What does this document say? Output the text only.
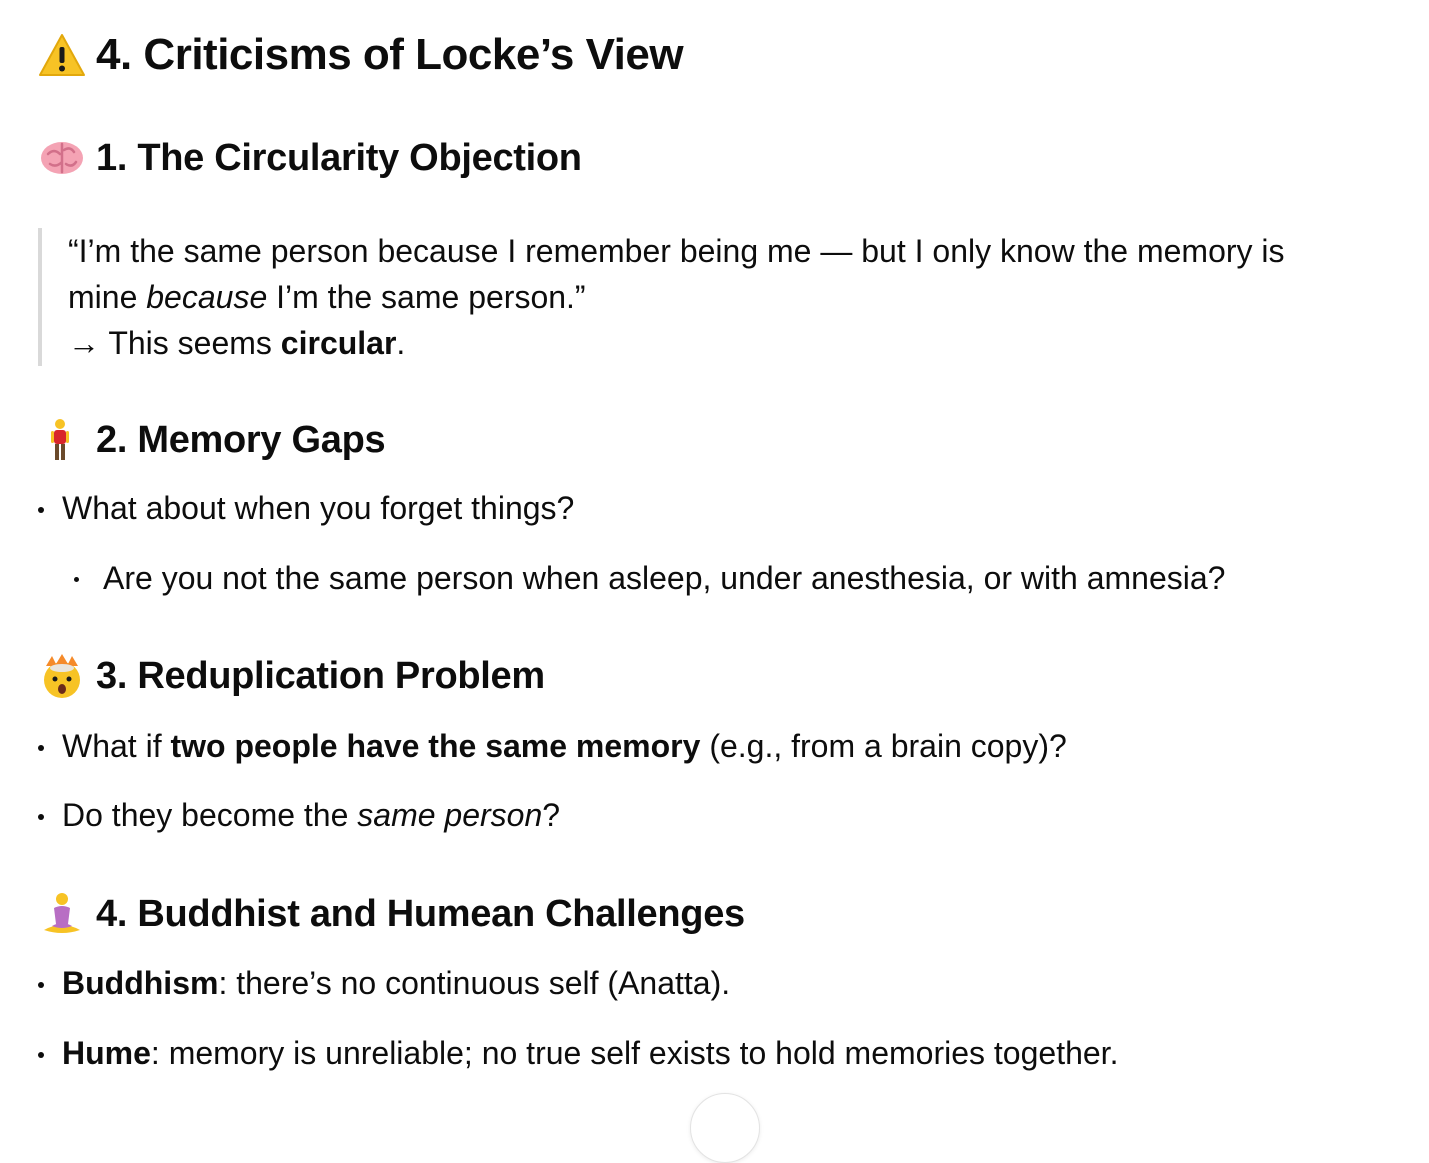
4. Criticisms of Locke’s View
1. The Circularity Objection
“I’m the same person because I remember being me — but I only know the memory is
mine because I’m the same person.”
→ This seems circular.
2. Memory Gaps
What about when you forget things?
Are you not the same person when asleep, under anesthesia, or with amnesia?
3. Reduplication Problem
What if two people have the same memory (e.g., from a brain copy)?
Do they become the same person?
4. Buddhist and Humean Challenges
Buddhism: there’s no continuous self (Anatta).
Hume: memory is unreliable; no true self exists to hold memories together.
